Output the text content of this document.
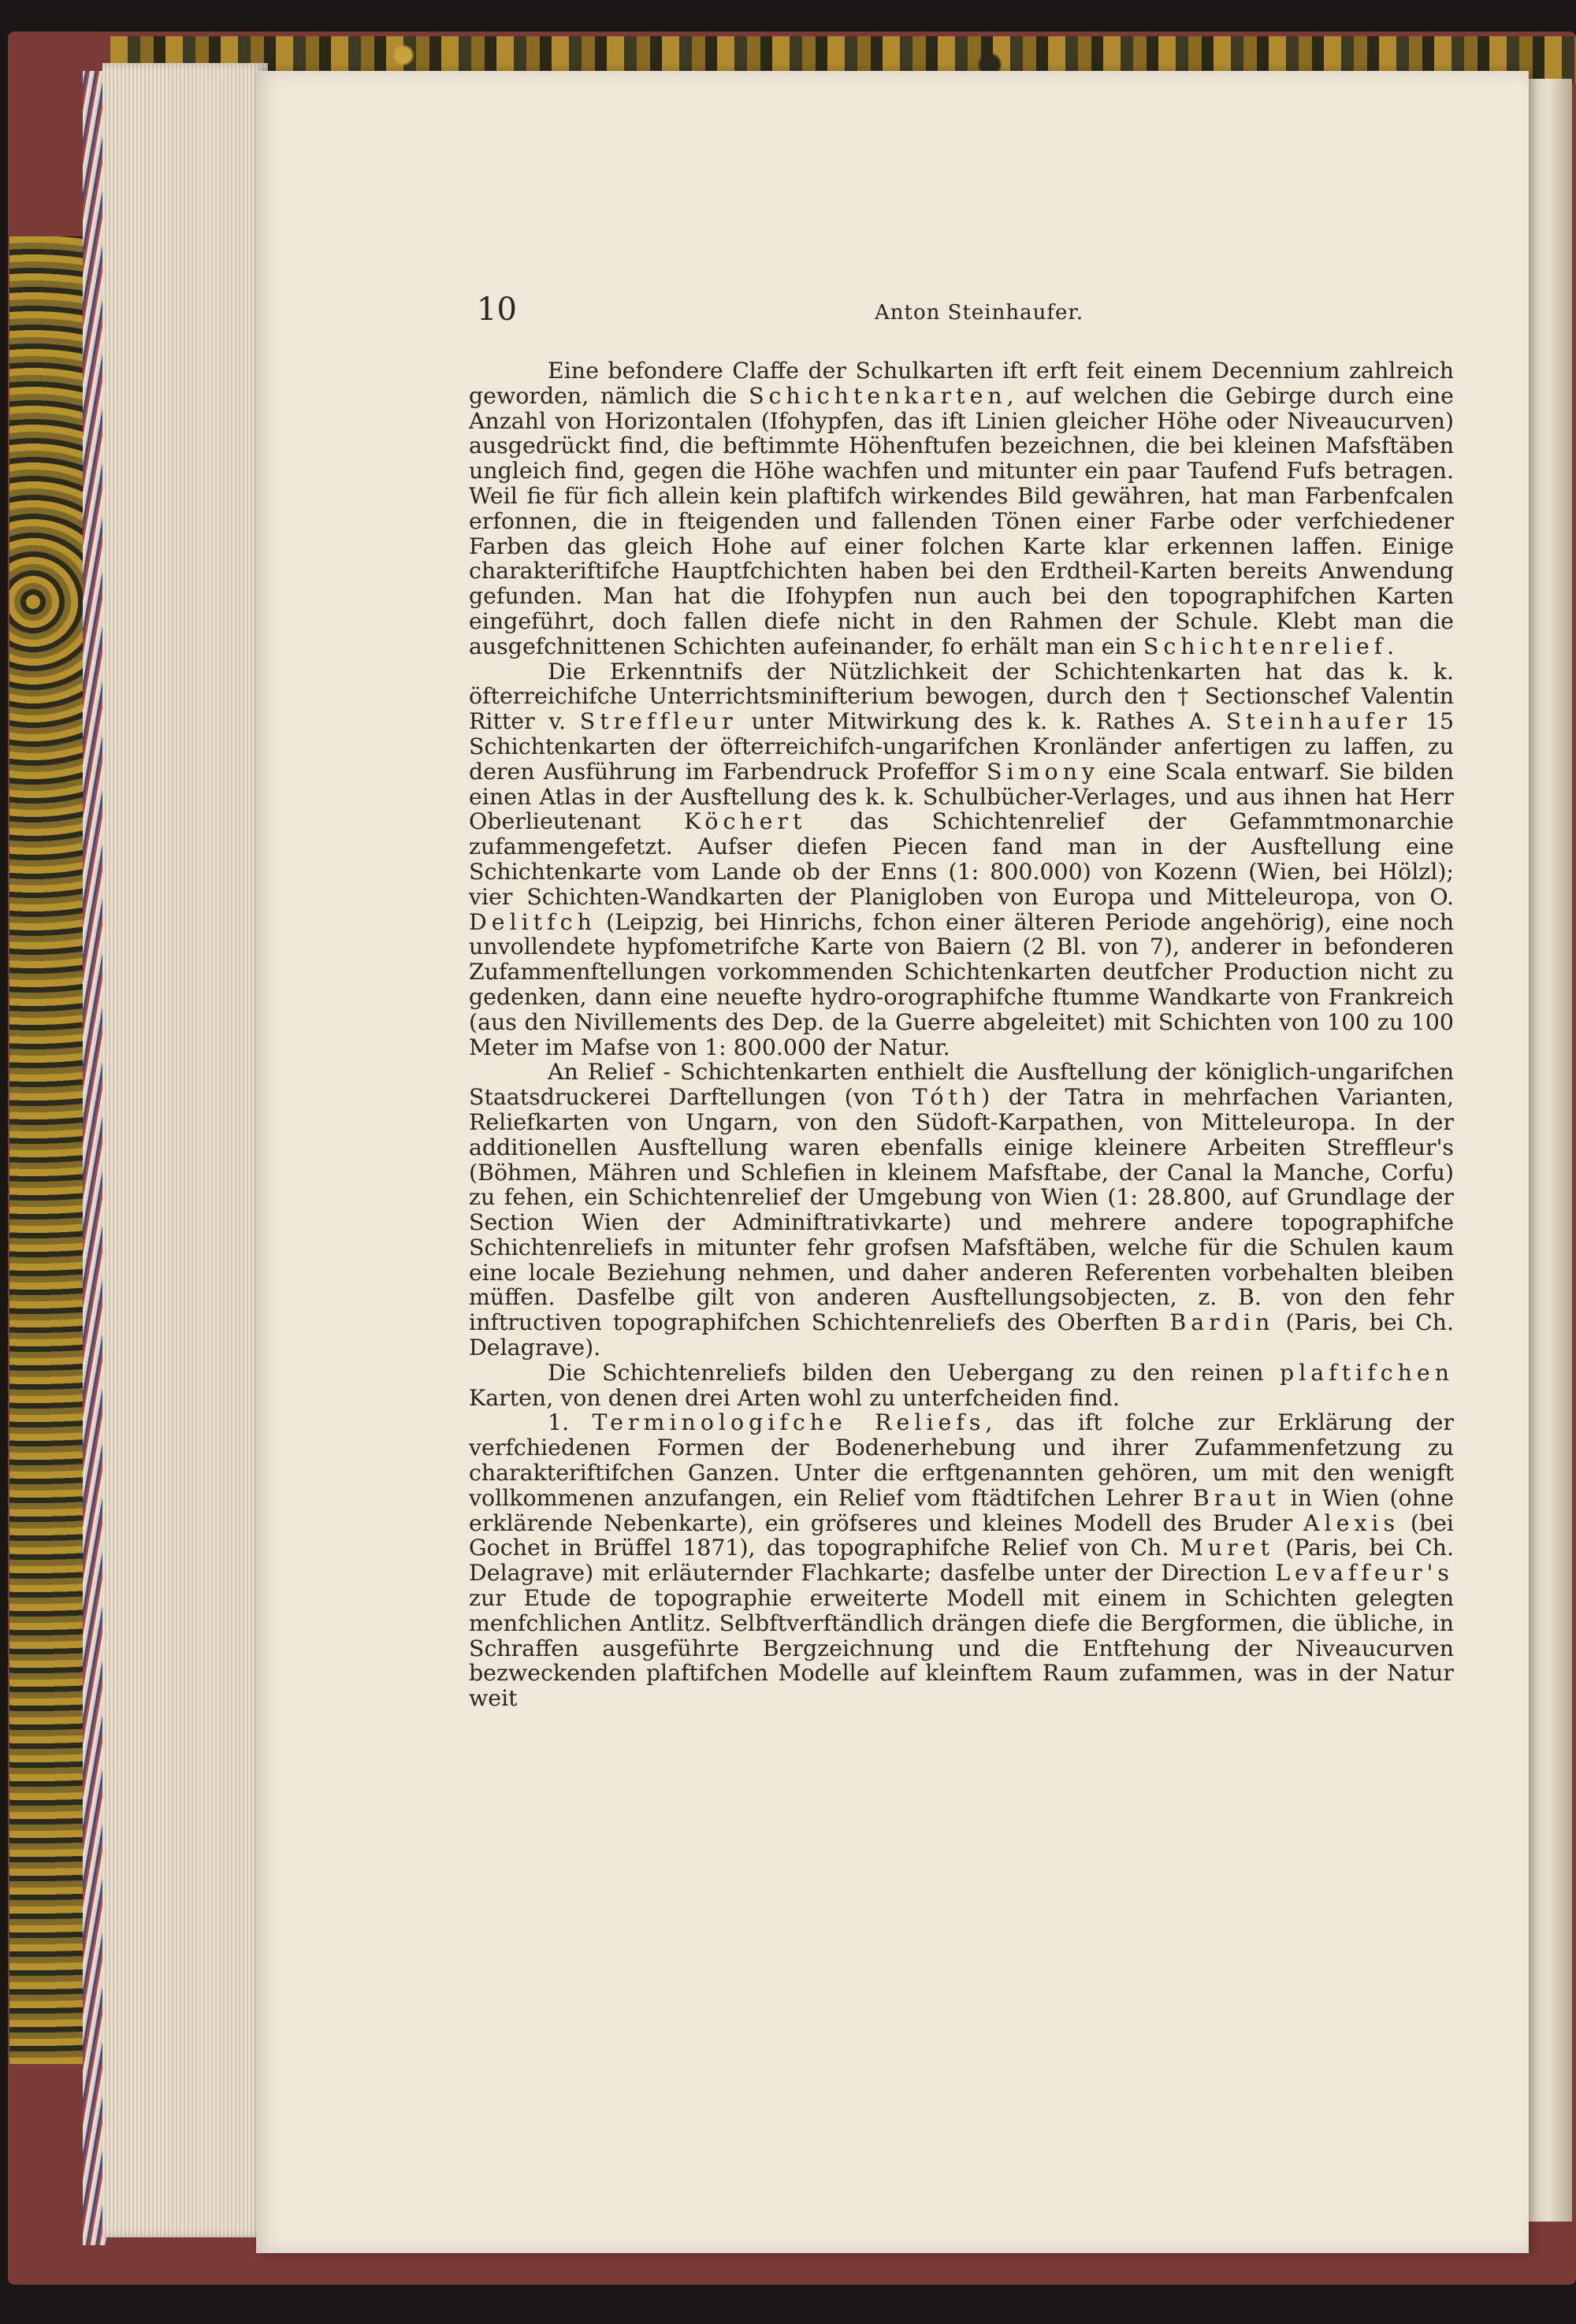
10	Anton Steinhaufer.

Eine befondere Claffe der Schulkarten ift erft feit einem Decennium zahlreich geworden, nämlich die Schichtenkarten, auf welchen die Gebirge durch eine Anzahl von Horizontalen (Ifohypfen, das ift Linien gleicher Höhe oder Niveaucurven) ausgedrückt find, die beftimmte Höhenftufen bezeichnen, die bei kleinen Mafsftäben ungleich find, gegen die Höhe wachfen und mitunter ein paar Taufend Fufs betragen. Weil fie für fich allein kein plaftifch wirkendes Bild gewähren, hat man Farbenfcalen erfonnen, die in fteigenden und fallenden Tönen einer Farbe oder verfchiedener Farben das gleich Hohe auf einer folchen Karte klar erkennen laffen. Einige charakteriftifche Hauptfchichten haben bei den Erdtheil-Karten bereits Anwendung gefunden. Man hat die Ifohypfen nun auch bei den topographifchen Karten eingeführt, doch fallen diefe nicht in den Rahmen der Schule. Klebt man die ausgefchnittenen Schichten aufeinander, fo erhält man ein Schichtenrelief.

Die Erkenntnifs der Nützlichkeit der Schichtenkarten hat das k. k. öfterreichifche Unterrichtsminifterium bewogen, durch den † Sectionschef Valentin Ritter v. Streffleur unter Mitwirkung des k. k. Rathes A. Steinhaufer 15 Schichtenkarten der öfterreichifch-ungarifchen Kronländer anfertigen zu laffen, zu deren Ausführung im Farbendruck Profeffor Simony eine Scala entwarf. Sie bilden einen Atlas in der Ausftellung des k. k. Schulbücher-Verlages, und aus ihnen hat Herr Oberlieutenant Köchert das Schichtenrelief der Gefammtmonarchie zufammengefetzt. Aufser diefen Piecen fand man in der Ausftellung eine Schichtenkarte vom Lande ob der Enns (1: 800.000) von Kozenn (Wien, bei Hölzl); vier Schichten-Wandkarten der Planigloben von Europa und Mitteleuropa, von O. Delitfch (Leipzig, bei Hinrichs, fchon einer älteren Periode angehörig), eine noch unvollendete hypfometrifche Karte von Baiern (2 Bl. von 7), anderer in befonderen Zufammenftellungen vorkommenden Schichtenkarten deutfcher Production nicht zu gedenken, dann eine neuefte hydro-orographifche ftumme Wandkarte von Frankreich (aus den Nivillements des Dep. de la Guerre abgeleitet) mit Schichten von 100 zu 100 Meter im Mafse von 1: 800.000 der Natur.

An Relief - Schichtenkarten enthielt die Ausftellung der königlich-ungarifchen Staatsdruckerei Darftellungen (von Tóth) der Tatra in mehrfachen Varianten, Reliefkarten von Ungarn, von den Südoft-Karpathen, von Mitteleuropa. In der additionellen Ausftellung waren ebenfalls einige kleinere Arbeiten Streffleur's (Böhmen, Mähren und Schlefien in kleinem Mafsftabe, der Canal la Manche, Corfu) zu fehen, ein Schichtenrelief der Umgebung von Wien (1: 28.800, auf Grundlage der Section Wien der Adminiftrativkarte) und mehrere andere topographifche Schichtenreliefs in mitunter fehr grofsen Mafsftäben, welche für die Schulen kaum eine locale Beziehung nehmen, und daher anderen Referenten vorbehalten bleiben müffen. Dasfelbe gilt von anderen Ausftellungsobjecten, z. B. von den fehr inftructiven topographifchen Schichtenreliefs des Oberften Bardin (Paris, bei Ch. Delagrave).

Die Schichtenreliefs bilden den Uebergang zu den reinen plaftifchen Karten, von denen drei Arten wohl zu unterfcheiden find.

1. Terminologifche Reliefs, das ift folche zur Erklärung der verfchiedenen Formen der Bodenerhebung und ihrer Zufammenfetzung zu charakteriftifchen Ganzen. Unter die erftgenannten gehören, um mit den wenigft vollkommenen anzufangen, ein Relief vom ftädtifchen Lehrer Braut in Wien (ohne erklärende Nebenkarte), ein gröfseres und kleines Modell des Bruder Alexis (bei Gochet in Brüffel 1871), das topographifche Relief von Ch. Muret (Paris, bei Ch. Delagrave) mit erläuternder Flachkarte; dasfelbe unter der Direction Levaffeur's zur Etude de topographie erweiterte Modell mit einem in Schichten gelegten menfchlichen Antlitz. Selbftverftändlich drängen diefe die Bergformen, die übliche, in Schraffen ausgeführte Bergzeichnung und die Entftehung der Niveaucurven bezweckenden plaftifchen Modelle auf kleinftem Raum zufammen, was in der Natur weit
